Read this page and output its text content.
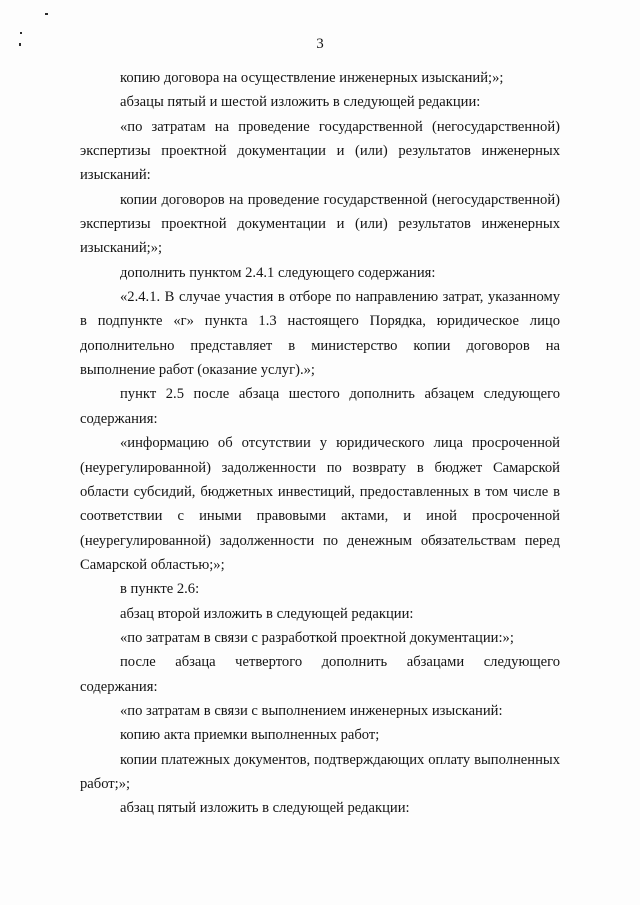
3

копию договора на осуществление инженерных изысканий;»;

абзацы пятый и шестой изложить в следующей редакции:

«по затратам на проведение государственной (негосударственной) экспертизы проектной документации и (или) результатов инженерных изысканий:

копии договоров на проведение государственной (негосударственной) экспертизы проектной документации и (или) результатов инженерных изысканий;»;

дополнить пунктом 2.4.1 следующего содержания:

«2.4.1. В случае участия в отборе по направлению затрат, указанному в подпункте «г» пункта 1.3 настоящего Порядка, юридическое лицо дополнительно представляет в министерство копии договоров на выполнение работ (оказание услуг).»;

пункт 2.5 после абзаца шестого дополнить абзацем следующего содержания:

«информацию об отсутствии у юридического лица просроченной (неурегулированной) задолженности по возврату в бюджет Самарской области субсидий, бюджетных инвестиций, предоставленных в том числе в соответствии с иными правовыми актами, и иной просроченной (неурегулированной) задолженности по денежным обязательствам перед Самарской областью;»;

в пункте 2.6:

абзац второй изложить в следующей редакции:

«по затратам в связи с разработкой проектной документации:»;

после абзаца четвертого дополнить абзацами следующего содержания:

«по затратам в связи с выполнением инженерных изысканий:

копию акта приемки выполненных работ;

копии платежных документов, подтверждающих оплату выполненных работ;»;

абзац пятый изложить в следующей редакции:
